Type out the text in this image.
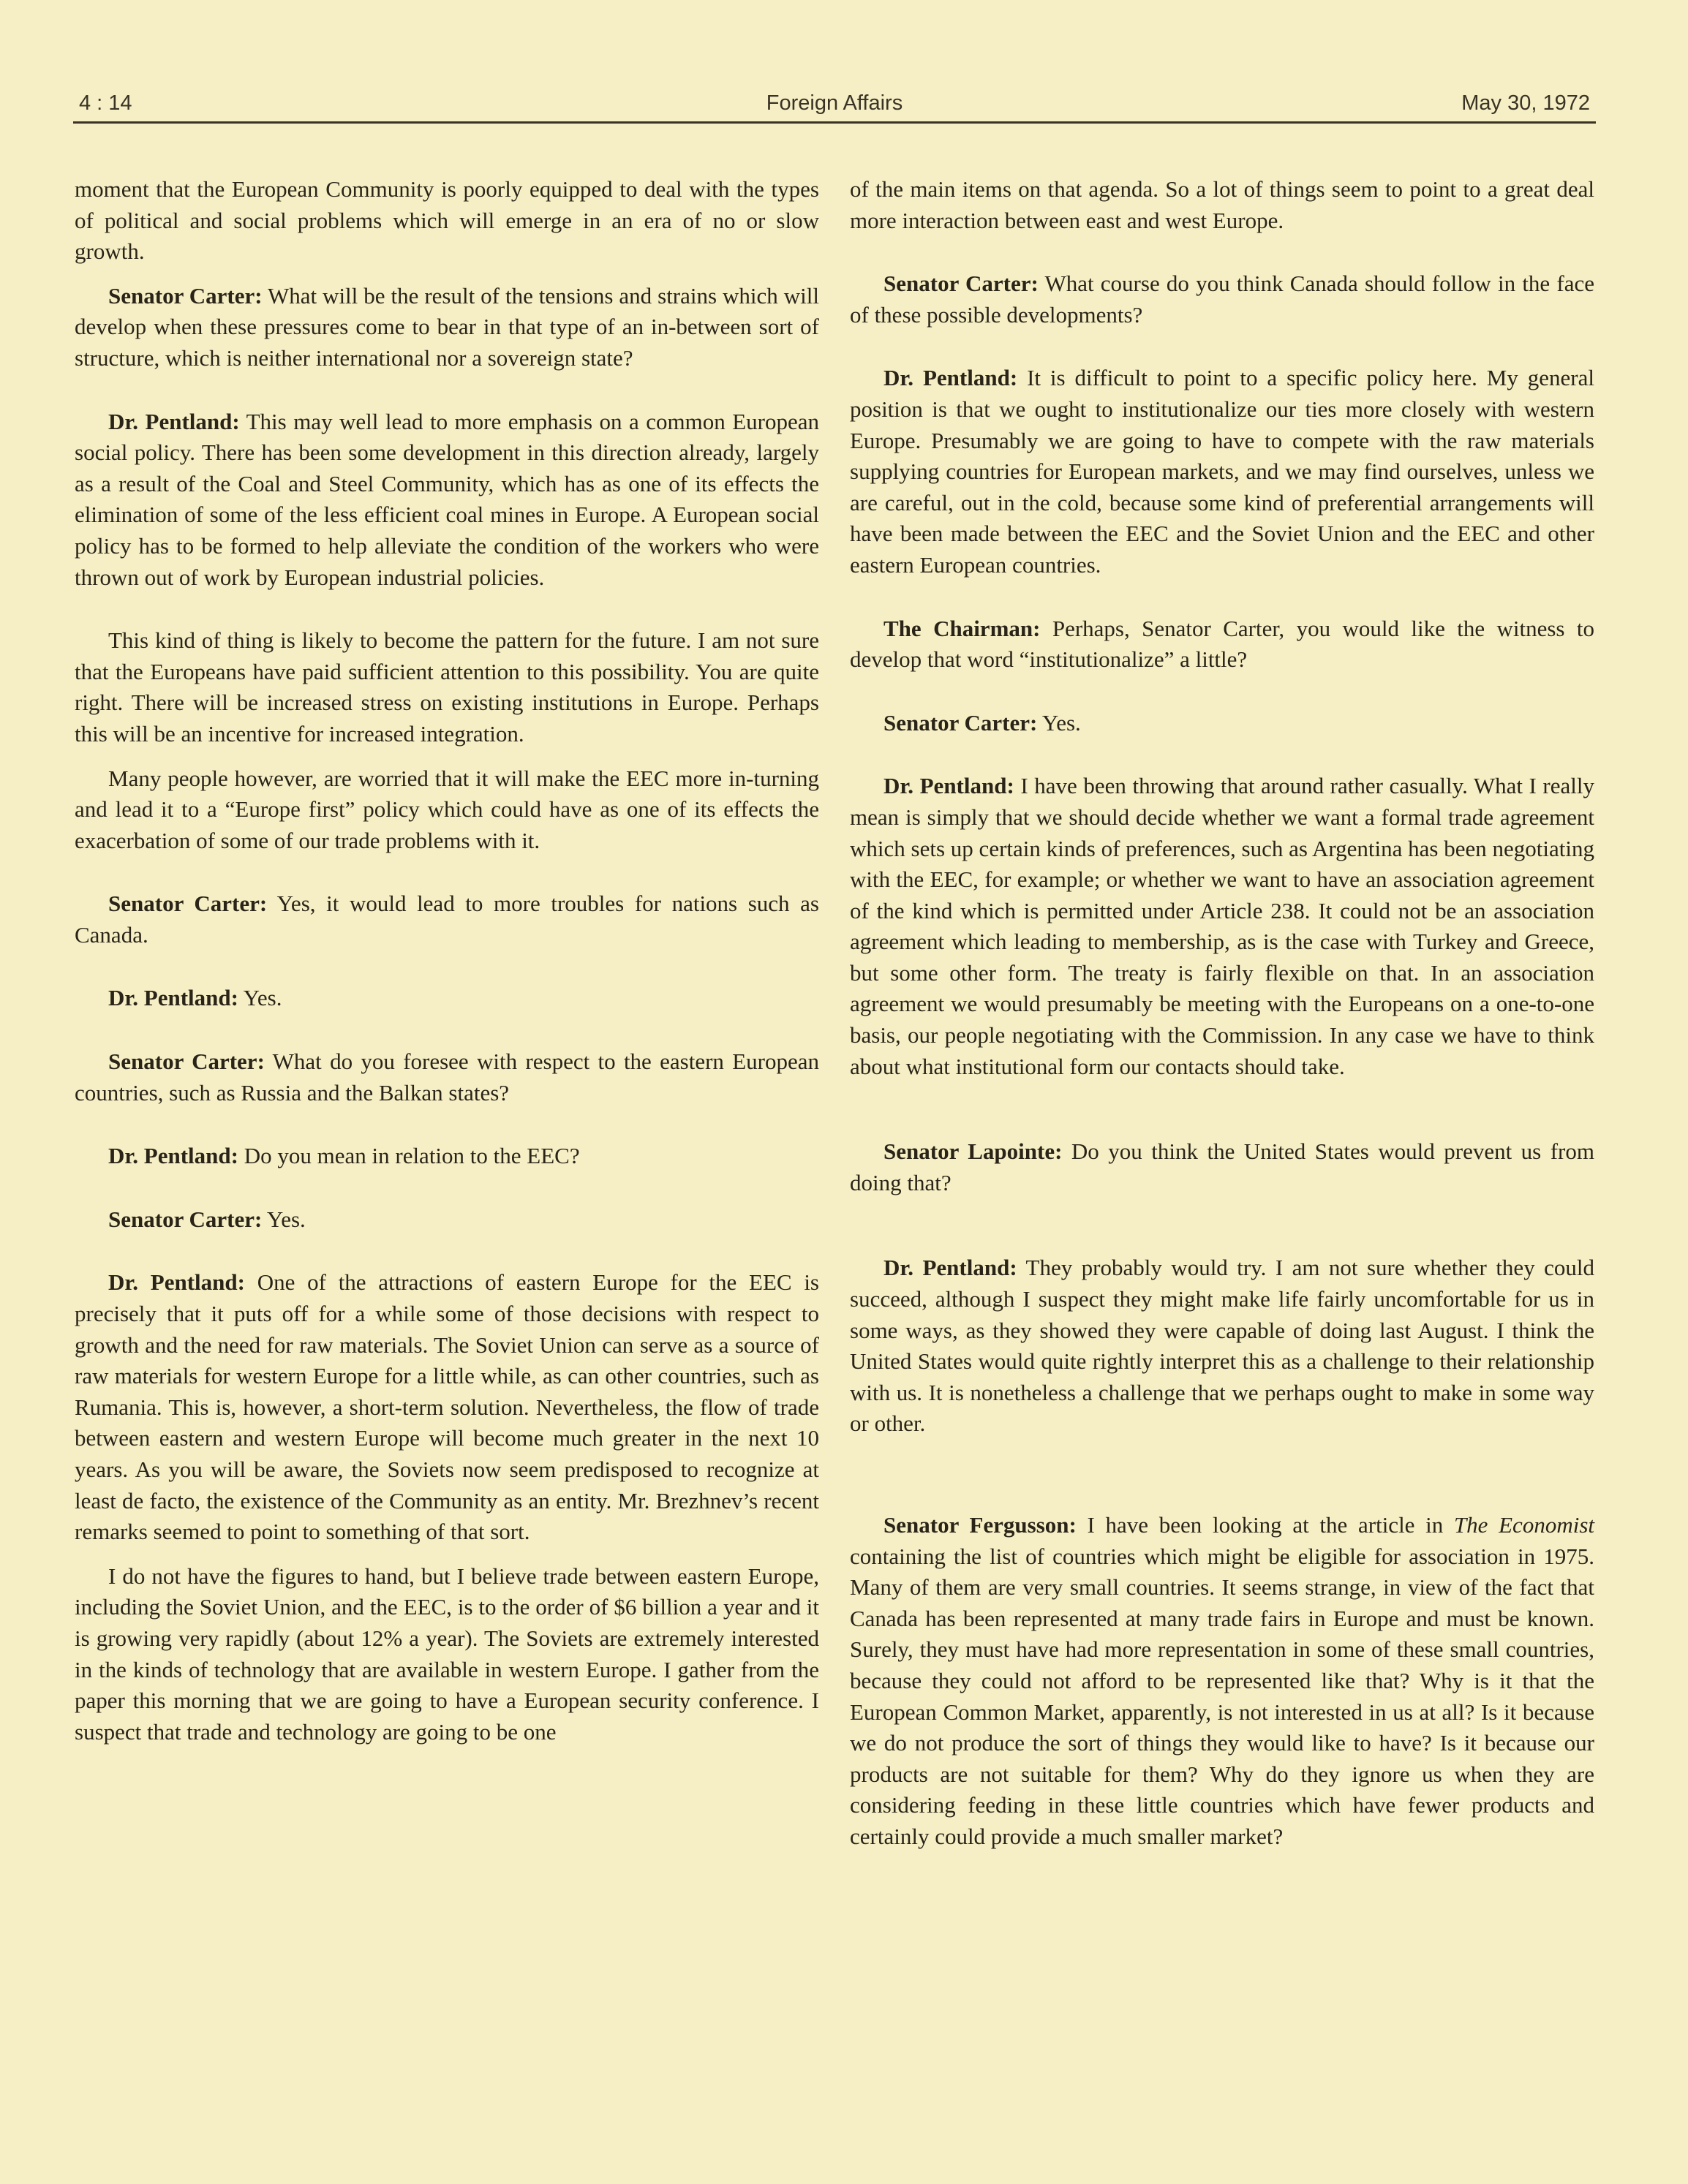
4 : 14	Foreign Affairs	May 30, 1972

moment that the European Community is poorly equipped to deal with the types of political and social problems which will emerge in an era of no or slow growth.

Senator Carter: What will be the result of the tensions and strains which will develop when these pressures come to bear in that type of an in-between sort of structure, which is neither international nor a sovereign state?

Dr. Pentland: This may well lead to more emphasis on a common European social policy. There has been some development in this direction already, largely as a result of the Coal and Steel Community, which has as one of its effects the elimination of some of the less efficient coal mines in Europe. A European social policy has to be formed to help alleviate the condition of the workers who were thrown out of work by European industrial policies.

This kind of thing is likely to become the pattern for the future. I am not sure that the Europeans have paid sufficient attention to this possibility. You are quite right. There will be increased stress on existing institutions in Europe. Perhaps this will be an incentive for increased integration.

Many people however, are worried that it will make the EEC more in-turning and lead it to a “Europe first” policy which could have as one of its effects the exacerbation of some of our trade problems with it.

Senator Carter: Yes, it would lead to more troubles for nations such as Canada.

Dr. Pentland: Yes.

Senator Carter: What do you foresee with respect to the eastern European countries, such as Russia and the Balkan states?

Dr. Pentland: Do you mean in relation to the EEC?

Senator Carter: Yes.

Dr. Pentland: One of the attractions of eastern Europe for the EEC is precisely that it puts off for a while some of those decisions with respect to growth and the need for raw materials. The Soviet Union can serve as a source of raw materials for western Europe for a little while, as can other countries, such as Rumania. This is, however, a short-term solution. Nevertheless, the flow of trade between eastern and western Europe will become much greater in the next 10 years. As you will be aware, the Soviets now seem predisposed to recognize at least de facto, the existence of the Community as an entity. Mr. Brezhnev’s recent remarks seemed to point to something of that sort.

I do not have the figures to hand, but I believe trade between eastern Europe, including the Soviet Union, and the EEC, is to the order of $6 billion a year and it is growing very rapidly (about 12% a year). The Soviets are extremely interested in the kinds of technology that are available in western Europe. I gather from the paper this morning that we are going to have a European security conference. I suspect that trade and technology are going to be one

of the main items on that agenda. So a lot of things seem to point to a great deal more interaction between east and west Europe.

Senator Carter: What course do you think Canada should follow in the face of these possible developments?

Dr. Pentland: It is difficult to point to a specific policy here. My general position is that we ought to institutionalize our ties more closely with western Europe. Presumably we are going to have to compete with the raw materials supplying countries for European markets, and we may find ourselves, unless we are careful, out in the cold, because some kind of preferential arrangements will have been made between the EEC and the Soviet Union and the EEC and other eastern European countries.

The Chairman: Perhaps, Senator Carter, you would like the witness to develop that word “institutionalize” a little?

Senator Carter: Yes.

Dr. Pentland: I have been throwing that around rather casually. What I really mean is simply that we should decide whether we want a formal trade agreement which sets up certain kinds of preferences, such as Argentina has been negotiating with the EEC, for example; or whether we want to have an association agreement of the kind which is permitted under Article 238. It could not be an association agreement which leading to membership, as is the case with Turkey and Greece, but some other form. The treaty is fairly flexible on that. In an association agreement we would presumably be meeting with the Europeans on a one-to-one basis, our people negotiating with the Commission. In any case we have to think about what institutional form our contacts should take.

Senator Lapointe: Do you think the United States would prevent us from doing that?

Dr. Pentland: They probably would try. I am not sure whether they could succeed, although I suspect they might make life fairly uncomfortable for us in some ways, as they showed they were capable of doing last August. I think the United States would quite rightly interpret this as a challenge to their relationship with us. It is nonetheless a challenge that we perhaps ought to make in some way or other.

Senator Fergusson: I have been looking at the article in The Economist containing the list of countries which might be eligible for association in 1975. Many of them are very small countries. It seems strange, in view of the fact that Canada has been represented at many trade fairs in Europe and must be known. Surely, they must have had more representation in some of these small countries, because they could not afford to be represented like that? Why is it that the European Common Market, apparently, is not interested in us at all? Is it because we do not produce the sort of things they would like to have? Is it because our products are not suitable for them? Why do they ignore us when they are considering feeding in these little countries which have fewer products and certainly could provide a much smaller market?
